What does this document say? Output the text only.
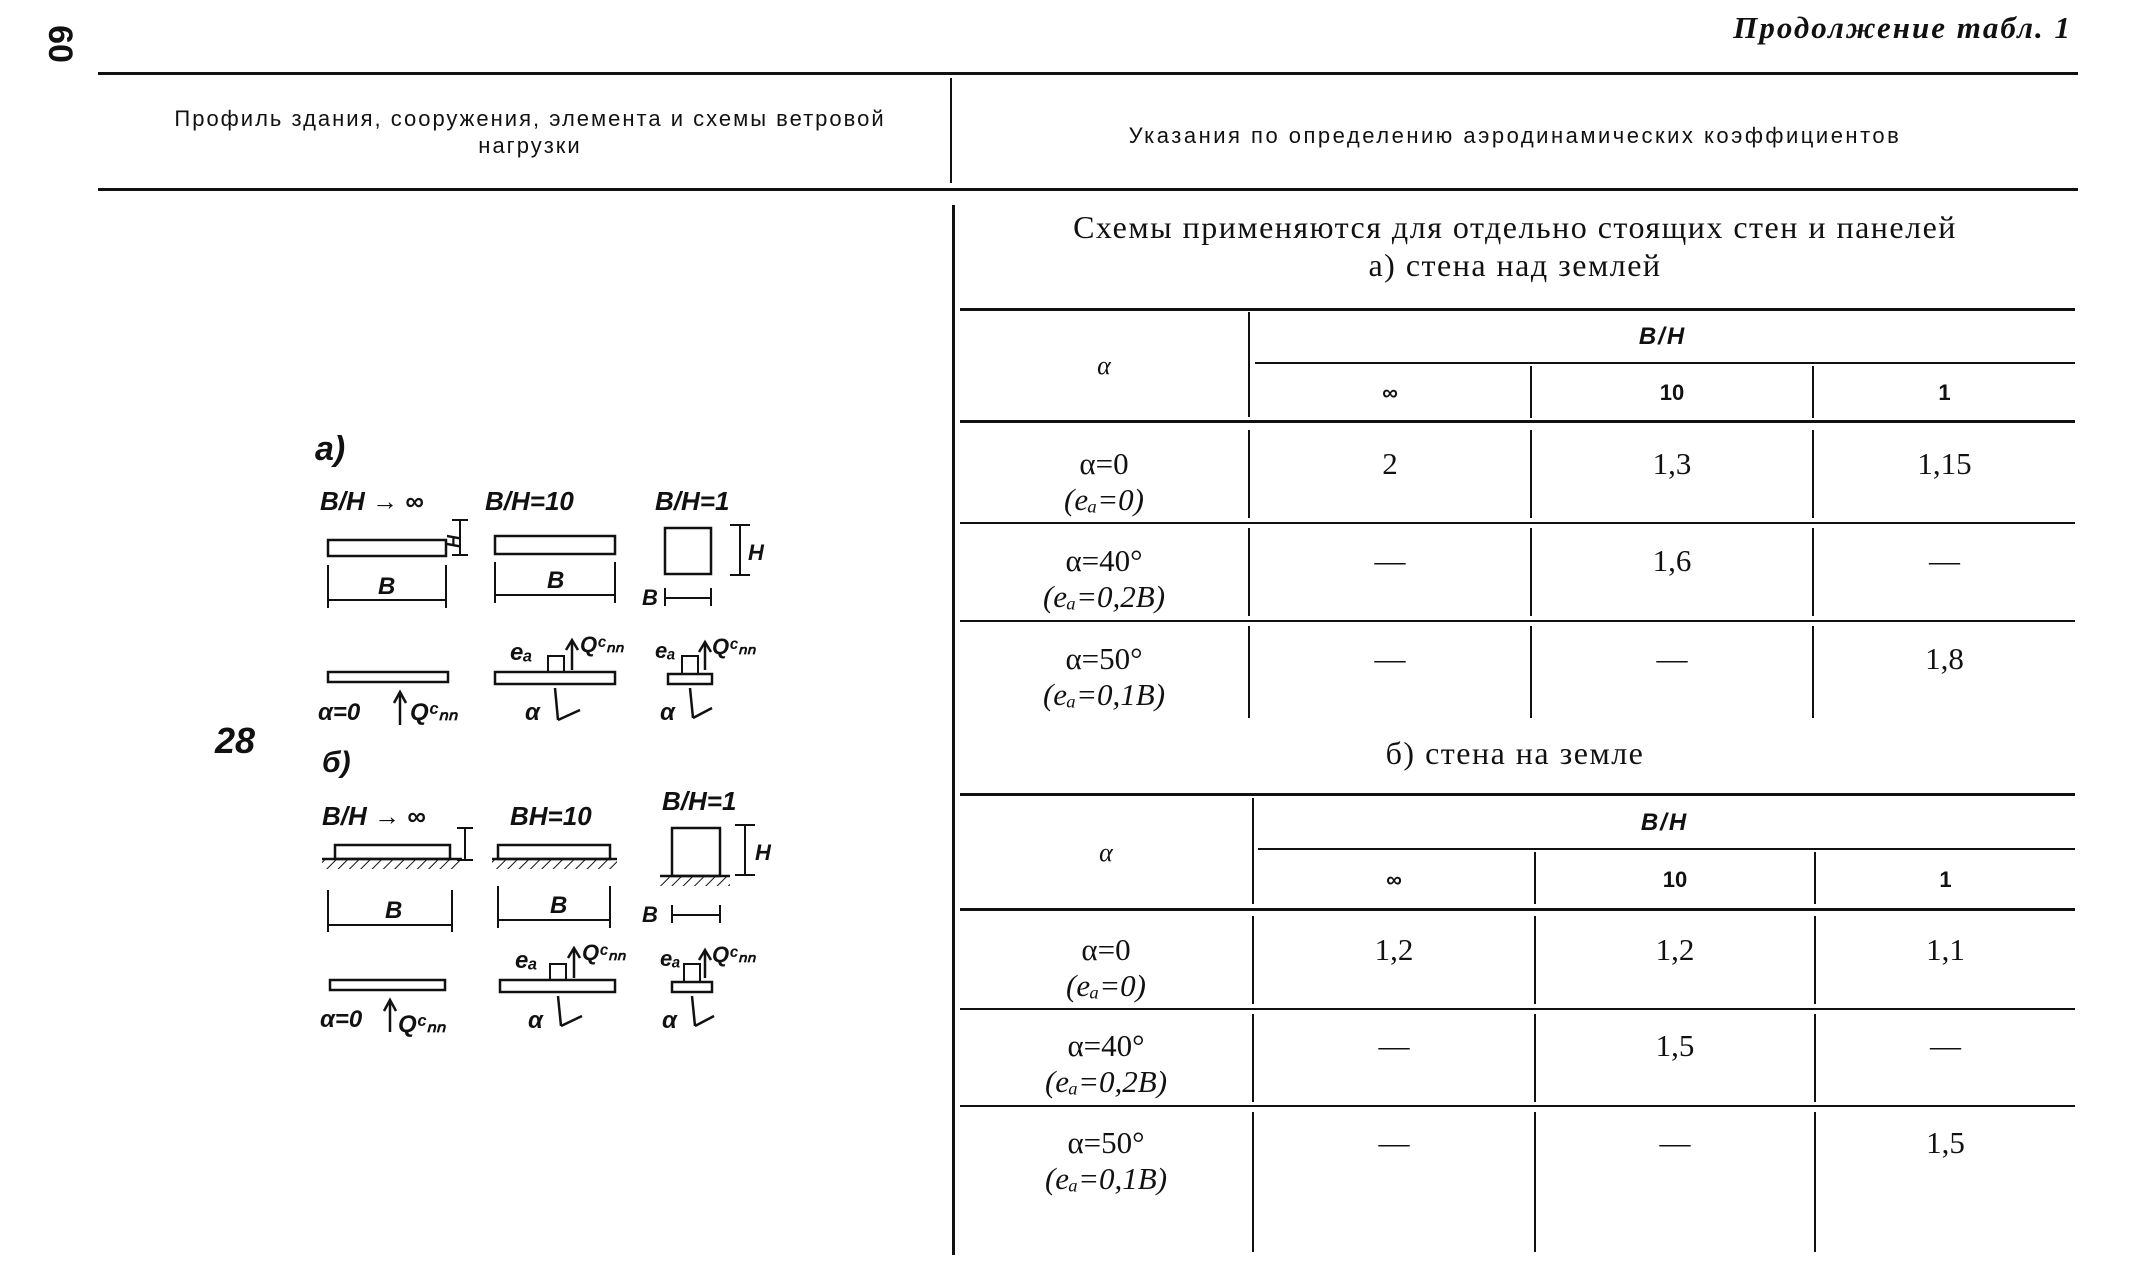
60	Продолжение табл. 1
Профиль здания, сооружения, элемента и схемы ветровой нагрузки	Указания по определению аэродинамических коэффициентов
Схемы применяются для отдельно стоящих стен и панелей
а) стена над землей
α
B/H
∞	10	1
α=0
(eₐ=0)
2	1,3	1,15
α=40°
(eₐ=0,2B)
—	1,6	—
α=50°
(eₐ=0,1B)
—	—	1,8
б) стена на земле
α
B/H
∞	10	1
α=0
(eₐ=0)
1,2	1,2	1,1
α=40°
(eₐ=0,2B)
—	1,5	—
α=50°
(eₐ=0,1B)
—	—	1,5
28
а)
B/H → ∞
H
B
B/H=10
B
B/H=1
H
B
α=0 Qᶜₙₙ
eₐ Qᶜₙₙ
α
eₐ Qᶜₙₙ
α
б)
B/H → ∞
B
BH=10
B
B/H=1
H
B
α=0 Qᶜₙₙ
eₐ Qᶜₙₙ
α
eₐ Qᶜₙₙ
α
